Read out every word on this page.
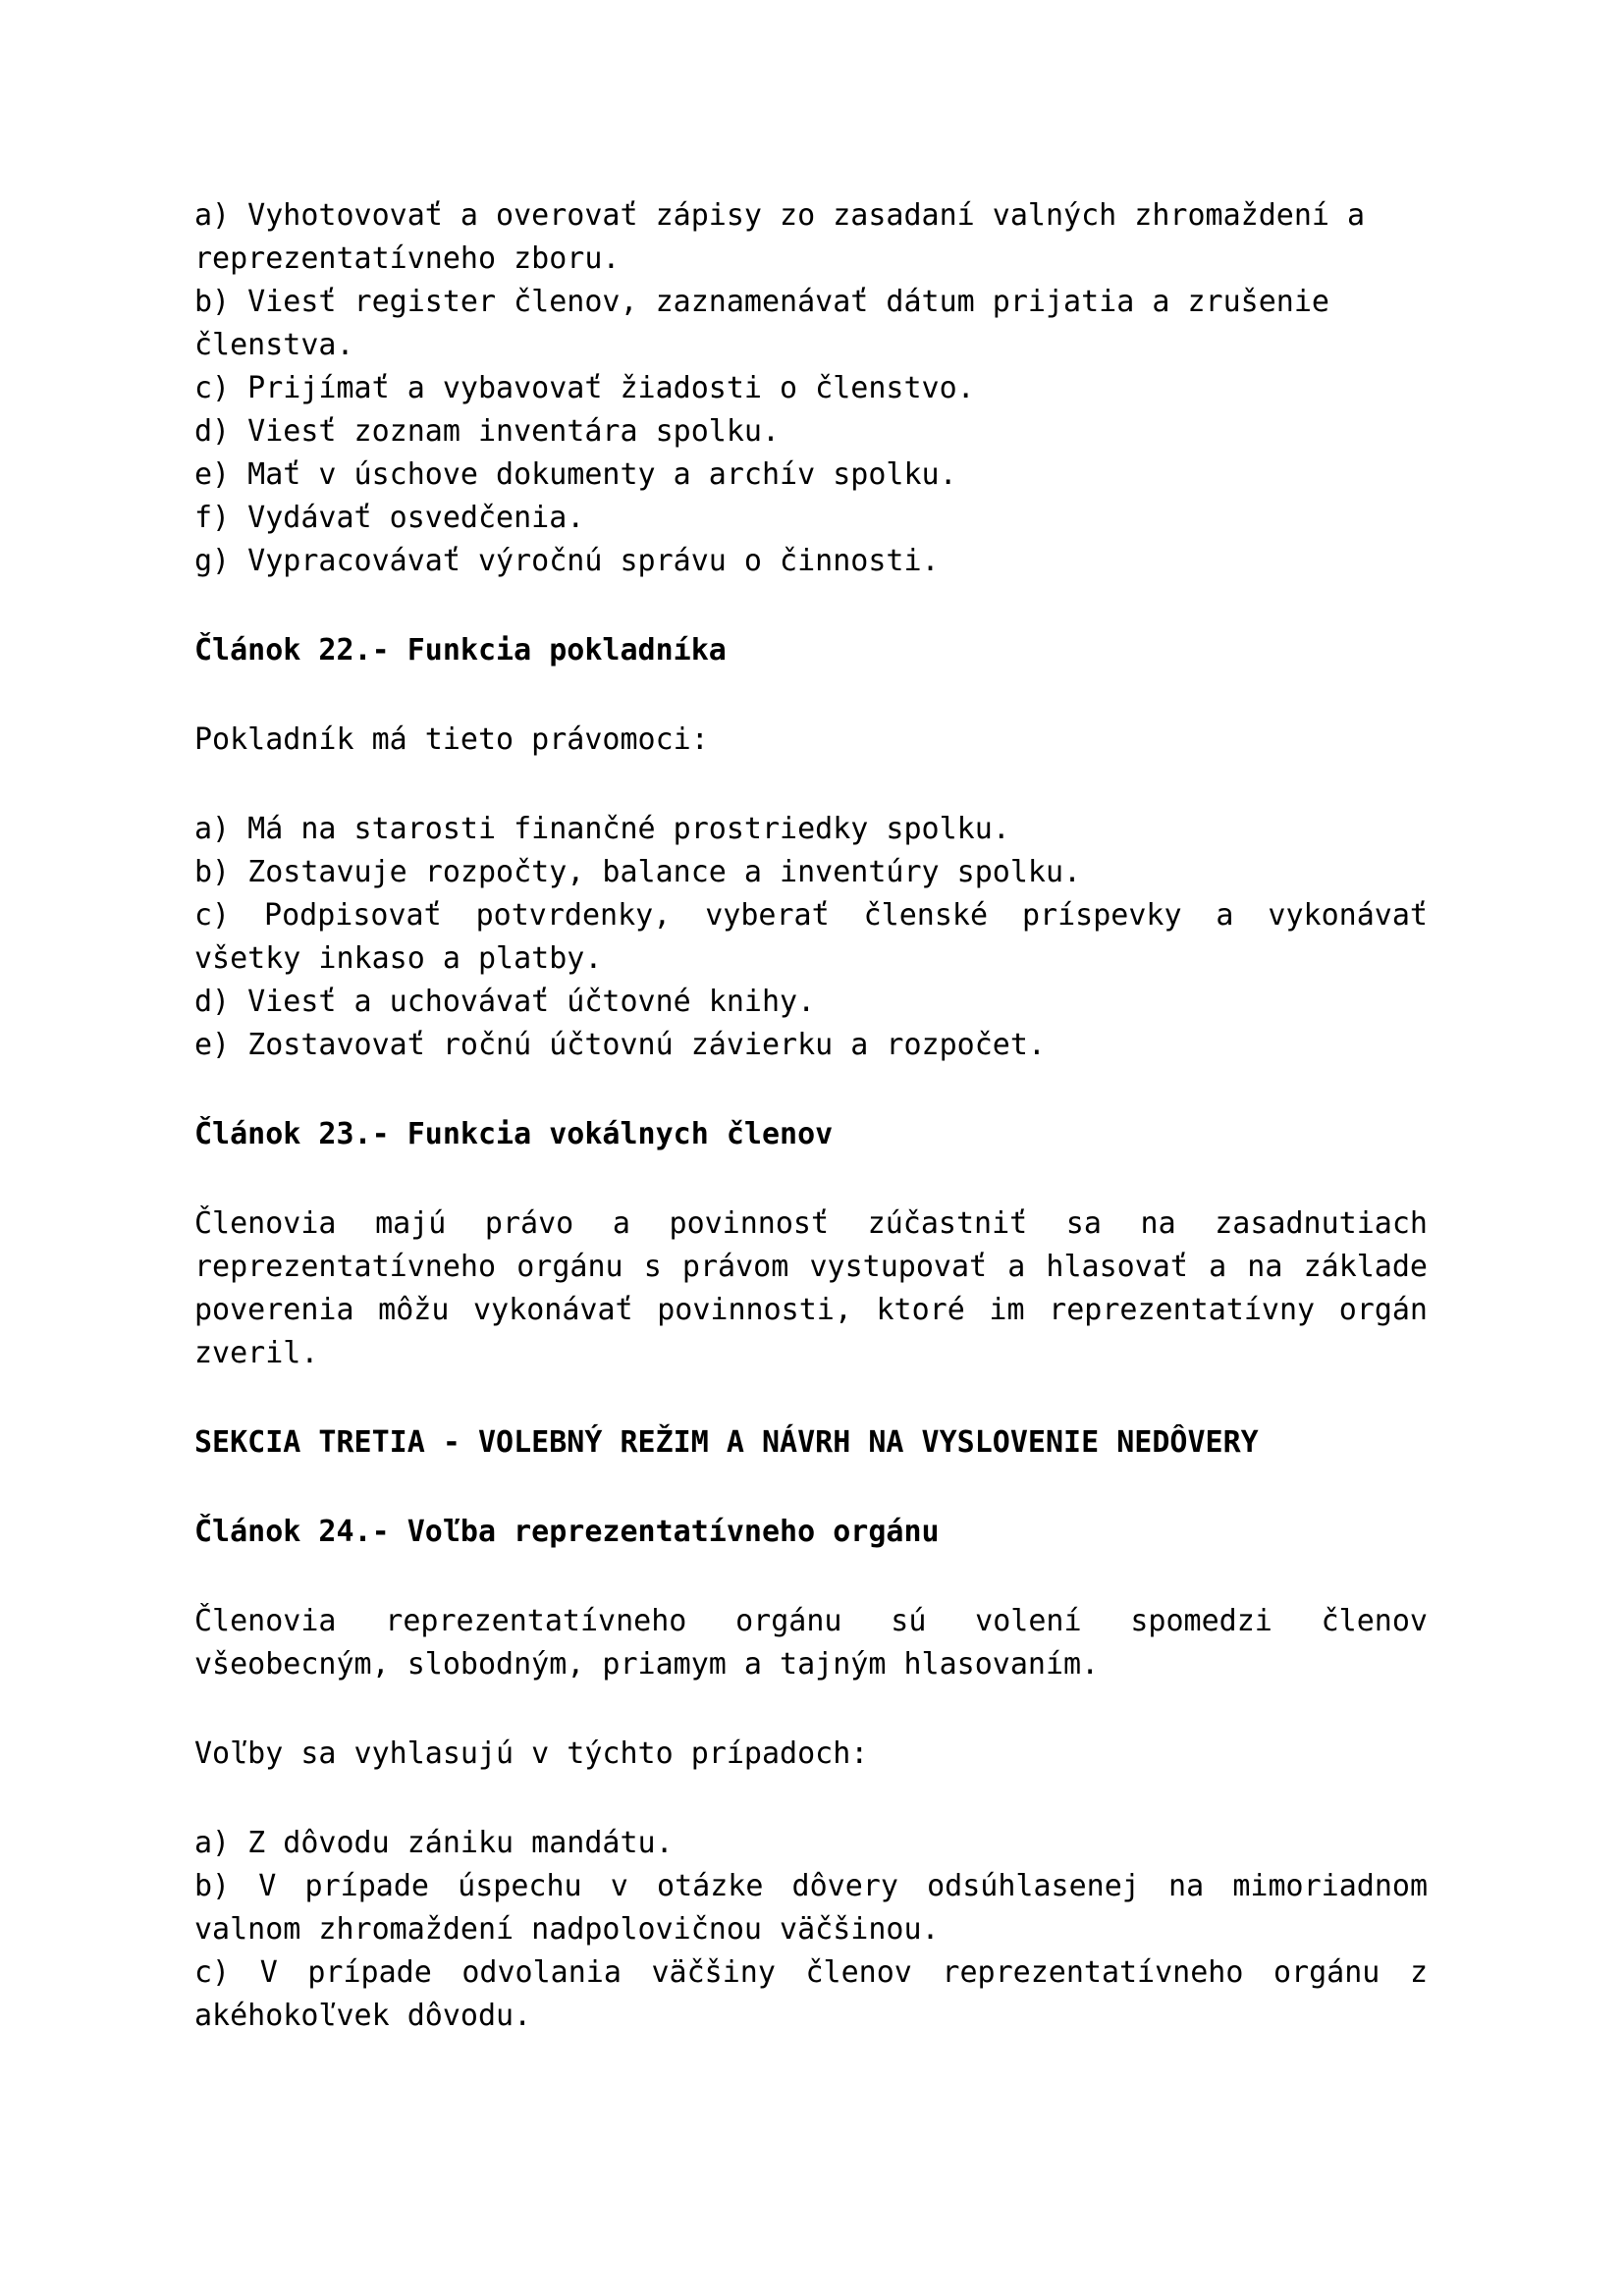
a) Vyhotovovať a overovať zápisy zo zasadaní valných zhromaždení a reprezentatívneho zboru.

b) Viesť register členov, zaznamenávať dátum prijatia a zrušenie členstva.

c) Prijímať a vybavovať žiadosti o členstvo.

d) Viesť zoznam inventára spolku.

e) Mať v úschove dokumenty a archív spolku.

f) Vydávať osvedčenia.

g) Vypracovávať výročnú správu o činnosti.

Článok 22.- Funkcia pokladníka

Pokladník má tieto právomoci:

a) Má na starosti finančné prostriedky spolku.

b) Zostavuje rozpočty, balance a inventúry spolku.

c) Podpisovať potvrdenky, vyberať členské príspevky a vykonávať všetky inkaso a platby.

d) Viesť a uchovávať účtovné knihy.

e) Zostavovať ročnú účtovnú závierku a rozpočet.

Článok 23.- Funkcia vokálnych členov

Členovia majú právo a povinnosť zúčastniť sa na zasadnutiach reprezentatívneho orgánu s právom vystupovať a hlasovať a na základe poverenia môžu vykonávať povinnosti, ktoré im reprezentatívny orgán zveril.

SEKCIA TRETIA - VOLEBNÝ REŽIM A NÁVRH NA VYSLOVENIE NEDÔVERY
Článok 24.- Voľba reprezentatívneho orgánu

Členovia reprezentatívneho orgánu sú volení spomedzi členov všeobecným, slobodným, priamym a tajným hlasovaním.

Voľby sa vyhlasujú v týchto prípadoch:

a) Z dôvodu zániku mandátu.

b) V prípade úspechu v otázke dôvery odsúhlasenej na mimoriadnom valnom zhromaždení nadpolovičnou väčšinou.

c) V prípade odvolania väčšiny členov reprezentatívneho orgánu z akéhokoľvek dôvodu.
